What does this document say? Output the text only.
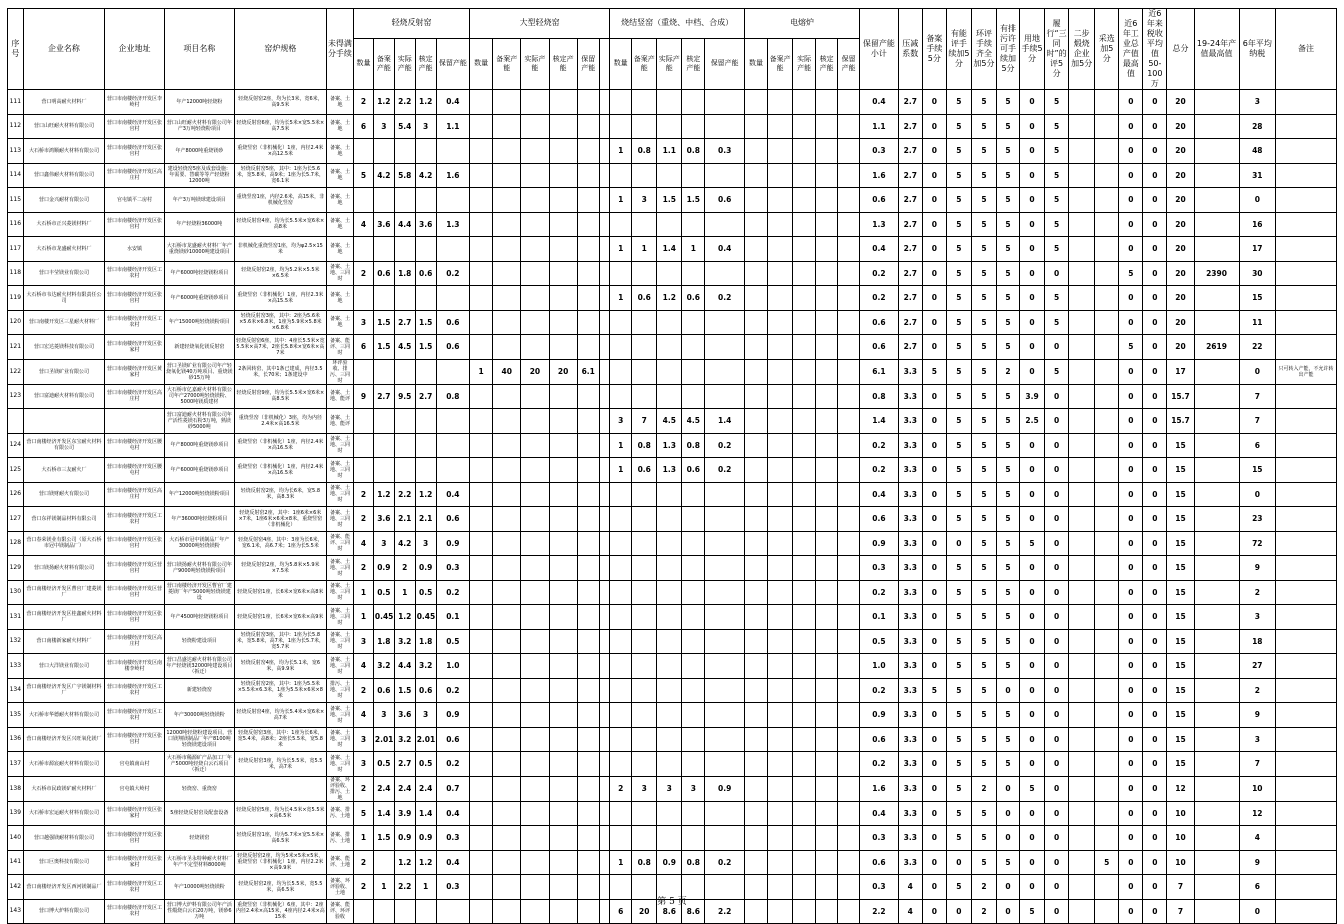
序号	企业名称	企业地址	项目名称	窑炉规格	未得满分手续	轻烧反射窑					大型轻烧窑						烧结竖窑（重烧、中档、合成）					电熔炉					保留产能小计	压减系数	备案手续5分	有能评手续加5分	环评手续齐全加5分	有排污许可手续加5分	用地手续5分	履行“三同时”的评5分	二步煅烧企业加5分	采选加5分	近6年工业总产值最高值	近6年来税收平均值50-100万	总分	19-24年产值最高值	6年平均纳税	备注
						数量	备案产能	实际产能	核定产能	保留产能	数量	备案产能	实际产能	核定产能	保留产能		数量	备案产能	实际产能	核定产能	保留产能	数量	备案产能	实际产能	核定产能	保留产能																
111	营口明高耐火材料厂	营口市南楼经济开发区李岭村	年产12000吨轻烧粉	轻烧反射窑2座，均为长3米，宽6米，高9.5米	备案、土地	2	1.2	2.2	1.2	0.4																	0.4	2.7	0	5	5	5	0	5			0	0	20		3	
112	营口山旺耐火材料有限公司	营口市南楼经济开发区张官村	营口山旺耐火材料有限公司年产3万吨轻烧粉项目	轻烧反射窑6座，均为长5米×宽5.5米×高7.5米	备案、土地	6	3	5.4	3	1.1																	1.1	2.7	0	5	5	5	0	5			0	0	20		28	
113	大石桥市鸿顺耐火材料有限公司	营口市南楼经济开发区张官村	年产8000吨重烧镁砂	重烧竖窑（非机械化）1座，内径2.4米×高12.5米	备案、土地												1	0.8	1.1	0.8	0.3						0.3	2.7	0	5	5	5	0	5			0	0	20		48	
114	营口鑫伟耐火材料有限公司	营口市南楼经济开发区高庄村	建设轻烧窑5座及成套设施：年需要、替碳等等产轻烧粉12000吨	轻烧反射窑5座，其中：1座为长5.6米，宽5.8米，高9米；1座为长5.7米，宽6.1米	备案、土地	5	4.2	5.8	4.2	1.6																	1.6	2.7	0	5	5	5	0	5			0	0	20		31	
115	营口金兴耐材有限公司	官屯镇平二房村	年产3万吨镁球建设项目	重烧竖窑1座，内径2.6米，高15米，非机械化竖窑	备案、土地												1	3	1.5	1.5	0.6						0.6	2.7	0	5	5	5	0	5			0	0	20		0	
116	大石桥市正兴菱镁材料厂	营口市南楼经济开发区张官村	年产轻烧粉36000吨	轻烧反射窑4座，均为长5.5米×宽6米×高8米	备案、土地	4	3.6	4.4	3.6	1.3																	1.3	2.7	0	5	5	5	0	5			0	0	20		16	
117	大石桥市龙盛耐火材料厂	水安镇	大石桥市龙盛耐火材料厂年产重烧镁砂10000吨建设项目	非机械化重烧竖窑1座，均为φ2.5×15米	备案、土地												1	1	1.4	1	0.4						0.4	2.7	0	5	5	5	0	5			0	0	20		17	
118	营口丰莹镁业有限公司	营口市南楼经济开发区工农村	年产6000吨轻烧镁粉项目	轻烧反射窑2座，均为5.2米×5.5米×6.5米	备案、土地、三同时	2	0.6	1.8	0.6	0.2																	0.2	2.7	0	5	5	5	0	0			5	0	20	2390	30	
119	大石桥市韦达耐火材料有限责任公司	营口市南楼经济开发区张官村	年产6000吨重烧镁砂项目	重烧竖窑（非机械化）1座，内径2.3米×高15.5米	备案、土地												1	0.6	1.2	0.6	0.2						0.2	2.7	0	5	5	5	0	5			0	0	20		15	
120	营口南楼开发区三星耐火材料厂	营口市南楼经济开发区工农村	年产15000吨轻烧镁粉项目	轻烧反射窑3座，其中：2座为5.6米×5.6米×6.8米，1座为5.9米×5.8米×6.8米	备案、土地	3	1.5	2.7	1.5	0.6																	0.6	2.7	0	5	5	5	0	5			0	0	20		11	
121	营口宏达菱镁科技有限公司	营口市南楼经济开发区张家村	新建轻烧氧化镁反射窑	轻烧反射窑6座，其中：4座长5.5米×宽5.5米×高7米，2座长5.8米×宽6米×高7米	备案、能评、三同时	6	1.5	4.5	1.5	0.6																	0.6	2.7	0	5	5	5	0	0			5	0	20	2619	22	
122	营口圣镁矿业有限公司	营口市南楼经济开发区黄家村	营口圣镁矿业有限公司年产轻烧氧化镁40万吨项目、重烧镁砂15万吨	2条回转窑，其中1条已建成，内径3.5米，长70米；1条建设中	环评验收、排污、三同时						1	40	20	20	6.1												6.1	3.3	5	5	5	2	0	5			0	0	17		0	只可转入产能，不允许转出产能
123	营口富迪耐火材料有限公司	营口市南楼经济开发区高庄村	大石桥市亿嘉耐火材料有限公司年产27000吨轻烧镁粉、5000吨镁质建材	轻烧反射窑9座，均为长5.5米×宽6米×高8.5米	备案、土地、能评	9	2.7	9.5	2.7	0.8																	0.8	3.3	0	5	5	5	3.9	0			0	0	15.7		7	
			营口富迪耐火材料有限公司年产活性菱镁石粉3万吨，熟镁砂5000吨	重烧竖窑（非机械化）3座，均为内径2.4米×高16.5米	备案、土地、能评												3	7	4.5	4.5	1.4						1.4	3.3	0	5	5	5	2.5	0			0	0	15.7		7	
124	营口南楼经济开发区东宝耐火材料有限公司	营口市南楼经济开发区腰屯村	年产8000吨重烧镁砂项目	重烧竖窑（非机械化）1座，内径2.4米×高16.5米	备案、土地、三同时												1	0.8	1.3	0.8	0.2						0.2	3.3	0	5	5	5	0	0			0	0	15		6	
125	大石桥市三友耐火厂	营口市南楼经济开发区腰屯村	年产6000吨重烧镁砂项目	重烧竖窑（非机械化）1座，内径2.4米×高16.5米	备案、土地、三同时												1	0.6	1.3	0.6	0.2						0.2	3.3	0	5	5	5	0	0			0	0	15		15	
126	营口镁财耐火有限公司	营口市南楼经济开发区高庄村	年产12000吨轻烧镁粉项目	轻烧反射窑2座，均为长6米，宽5.8米，高8.3米	备案、土地、三同时	2	1.2	2.2	1.2	0.4																	0.4	3.3	0	5	5	5	0	0			0	0	15		0	
127	营口东祥镁制品材料有限公司	营口市南楼经济开发区工农村	年产36000吨轻烧粉项目	轻烧反射窑2座，其中：1座6米×6米×7米，1座6米×6米×8米，重烧竖窑（非机械化）	备案、土地、三同时	2	3.6	2.1	2.1	0.6																	0.6	3.3	0	5	5	5	0	0			0	0	15		23	
128	营口春荣镁业有限公司（原大石桥市冠中镁制品厂）	营口市南楼经济开发区张官村	大石桥市冠中镁制品厂年产30000吨轻烧镁粉	轻烧反射窑4座，其中：3座为长6米，宽6.1米，高6.7米；1座为长5.5米	备案、能评、三同时	4	3	4.2	3	0.9																	0.9	3.3	0	0	5	5	5	0			0	0	15		72	
129	营口镁扬耐火材料有限公司	营口市南楼经济开发区营官村	营口镁扬耐火材料有限公司年产9000吨轻烧镁粉项目	轻烧反射窑2座，均为5.8米×5.9米×7.5米	备案、土地、三同时	2	0.9	2	0.9	0.3																	0.3	3.3	0	5	5	5	0	0			0	0	15		9	
130	营口南楼经济开发区曹官厂建菱镁厂	营口市南楼经济开发区营官村	营口南楼经济开发区曹官厂建菱镁厂年产5000吨轻烧镁建设	轻烧反射窑1座，长6米×宽6米×高8米	备案、土地、三同时	1	0.5	1	0.5	0.2																	0.2	3.3	0	5	5	5	0	0			0	0	15		2	
131	营口南楼经济开发区桂鑫耐火材料厂	营口市南楼经济开发区张官村	年产4500吨轻烧镁粉项目	轻烧反射窑1座，长6米×宽6米×高9米	备案、土地、三同时	1	0.45	1.2	0.45	0.1																	0.1	3.3	0	5	5	5	0	0			0	0	15		3	
132	营口南楼新家耐火材料厂	营口市南楼经济开发区高庄村	轻烧粉建设项目	轻烧反射窑3座，其中：1座为长5.8米，宽5.8米，高7米，1座为长5.7米，宽5.7米	备案、土地、三同时	3	1.8	3.2	1.8	0.5																	0.5	3.3	0	5	5	5	0	0			0	0	15		18	
133	营口大洋镁业有限公司	营口市南楼经济开发区南楼李岭村	营口昌盛达耐火材料有限公司年产轻烧镁32000吨建设项目（拆迁）	轻烧反射窑4座，均为长5.1米，宽6米，高9.9米	备案、土地、三同时	4	3.2	4.4	3.2	1.0																	1.0	3.3	0	5	5	5	0	0			0	0	15		27	
134	营口南楼经济开发区广宇镁制材料厂	营口市南楼经济开发区工农村	新建轻烧窑	轻烧反射窑2座，其中：1座为5.5米×5.5米×6.3米，1座为5.5米×6米×8米	排污、土地、三同时	2	0.6	1.5	0.6	0.2																	0.2	3.3	5	5	5	0	0	0			0	0	15		2	
135	大石桥市华德耐火材料有限公司	营口市南楼经济开发区工农村	年产30000吨轻烧镁粉	轻烧反射窑4座，均为长5.4米×宽6米×高7米	备案、土地、三同时	4	3	3.6	3	0.9																	0.9	3.3	0	5	5	5	0	0			0	0	15		9	
136	营口南楼经济开发区兴旺氧化镁厂	营口市南楼经济开发区张官村	12000吨轻烧粉建设项目，营口镁翔镁制品厂年产8100吨轻烧镁建设项目	轻烧反射窑3座，其中：1座为长6米，宽5.4米，高8米；2座长5.5米，宽5.8米	备案、土地、三同时	3	2.01	3.2	2.01	0.6																	0.6	3.3	0	5	5	5	0	0			0	0	15		3	
137	大石桥市源宸耐火材料有限公司	官屯镇南山村	大石桥市稀源矿产品加工厂年产5000吨轻烧白云石项目（拆迁）	轻烧反射窑3座，均为长5.5米，宽5.5米，高7米	备案、土地、三同时	3	0.5	2.7	0.5	0.2																	0.2	3.3	0	5	5	5	0	0			0	0	15		7	
138	大石桥市民政镁矿耐火材料厂	官屯镇大岭村	轻烧窑、重烧窑		备案、环评验收、排污、土地	2	2.4	2.4	2.4	0.7							2	3	3	3	0.9						1.6	3.3	0	5	2	0	5	0			0	0	12		10	
139	大石桥市宏运耐火材料有限公司	营口市南楼经济开发区张家村	5座轻烧反射窑及配套设备	轻烧反射窑5座，均为长4.5米×宽5.5米×高6.5米	备案、排污、土地	5	1.4	3.9	1.4	0.4																	0.4	3.3	0	5	5	0	0	0			0	0	10		12	
140	营口越强镁耐材料有限公司	营口市南楼经济开发区张官村	轻烧镁窑	轻烧反射窑1座，均为5.7米×宽5.5米×高6.5米	备案、排污、土地	1	1.5	0.9	0.9	0.3																	0.3	3.3	0	5	5	0	0	0			0	0	10		4	
141	营口巨奥科技有限公司	营口市南楼经济开发区张家村	大石桥市圣永特种耐火材料厂年产不定型材料8000吨	轻烧反射窑2座，均为5米×5米×5米，重烧竖窑（非机械化）1座，内径2.2米×高9.9米	备案、能评、土地	2		1.2	1.2	0.4							1	0.8	0.9	0.8	0.2						0.6	3.3	0	0	5	5	0	0		5	0	0	10		9	
142	营口南楼经济开发区西河镁制品厂	营口市南楼经济开发区工农村	年产10000吨轻烧镁粉	轻烧反射窑2座，均为长5.5米，宽5.5米，高6.5米	备案、环评验收、土地	2	1	2.2	1	0.3																	0.3	4	0	5	2	0	0	0			0	0	7		6	
143	营口博大炉料有限公司	营口市南楼经济开发区工农村	营口博大炉料有限公司年产活性煅烧白云石20万吨，镁砂6万吨	重烧竖窑（非机械化）6座，其中：2座内径2.4米×高15米，4座内径2.4米×高15米	备案、能评、环评验收												6	20	8.6	8.6	2.2						2.2	4	0	0	2	0	5	0			0	0	7		0	
第 5 页
